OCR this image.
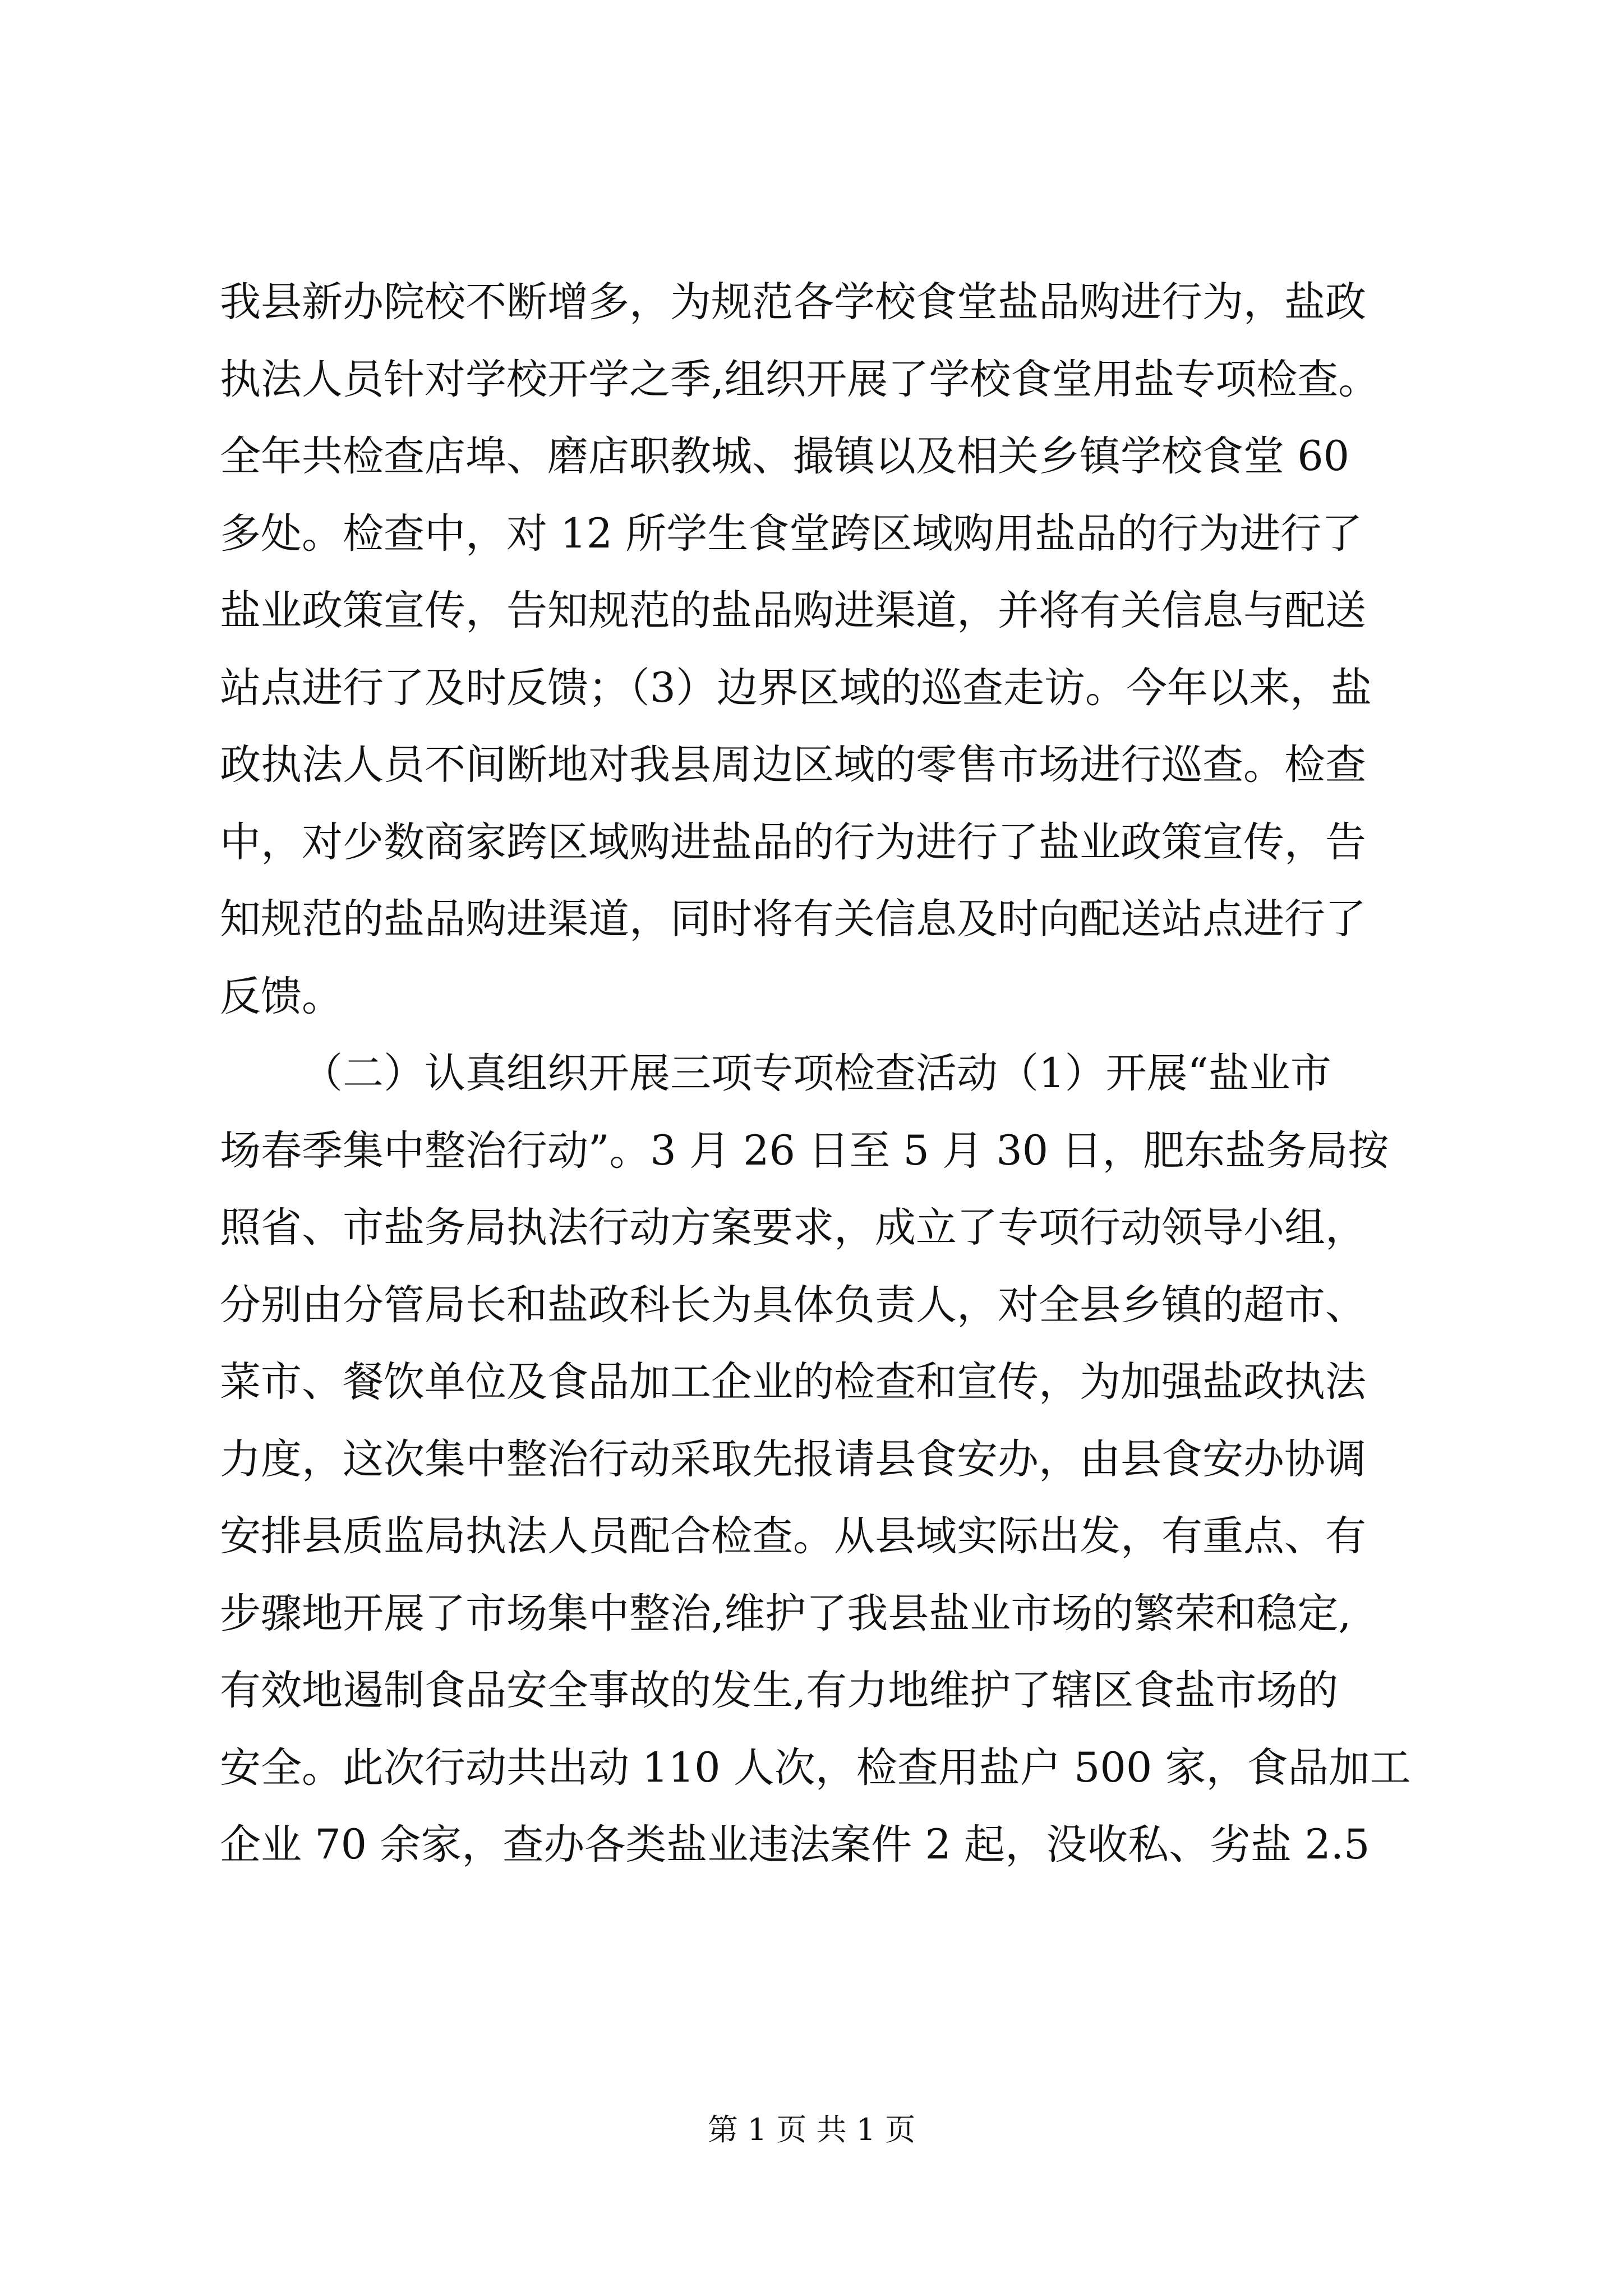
我县新办院校不断增多，为规范各学校食堂盐品购进行为，盐政
执法人员针对学校开学之季,组织开展了学校食堂用盐专项检查。
全年共检查店埠、磨店职教城、撮镇以及相关乡镇学校食堂 60
多处。检查中，对 12 所学生食堂跨区域购用盐品的行为进行了
盐业政策宣传，告知规范的盐品购进渠道，并将有关信息与配送
站点进行了及时反馈；（3）边界区域的巡查走访。今年以来，盐
政执法人员不间断地对我县周边区域的零售市场进行巡查。检查
中，对少数商家跨区域购进盐品的行为进行了盐业政策宣传，告
知规范的盐品购进渠道，同时将有关信息及时向配送站点进行了
反馈。
（二）认真组织开展三项专项检查活动（1）开展“盐业市
场春季集中整治行动”。3 月 26 日至 5 月 30 日，肥东盐务局按
照省、市盐务局执法行动方案要求，成立了专项行动领导小组，
分别由分管局长和盐政科长为具体负责人，对全县乡镇的超市、
菜市、餐饮单位及食品加工企业的检查和宣传，为加强盐政执法
力度，这次集中整治行动采取先报请县食安办，由县食安办协调
安排县质监局执法人员配合检查。从县域实际出发，有重点、有
步骤地开展了市场集中整治,维护了我县盐业市场的繁荣和稳定,
有效地遏制食品安全事故的发生,有力地维护了辖区食盐市场的
安全。此次行动共出动 110 人次，检查用盐户 500 家，食品加工
企业 70 余家，查办各类盐业违法案件 2 起，没收私、劣盐 2.5
第 1 页 共 1 页
